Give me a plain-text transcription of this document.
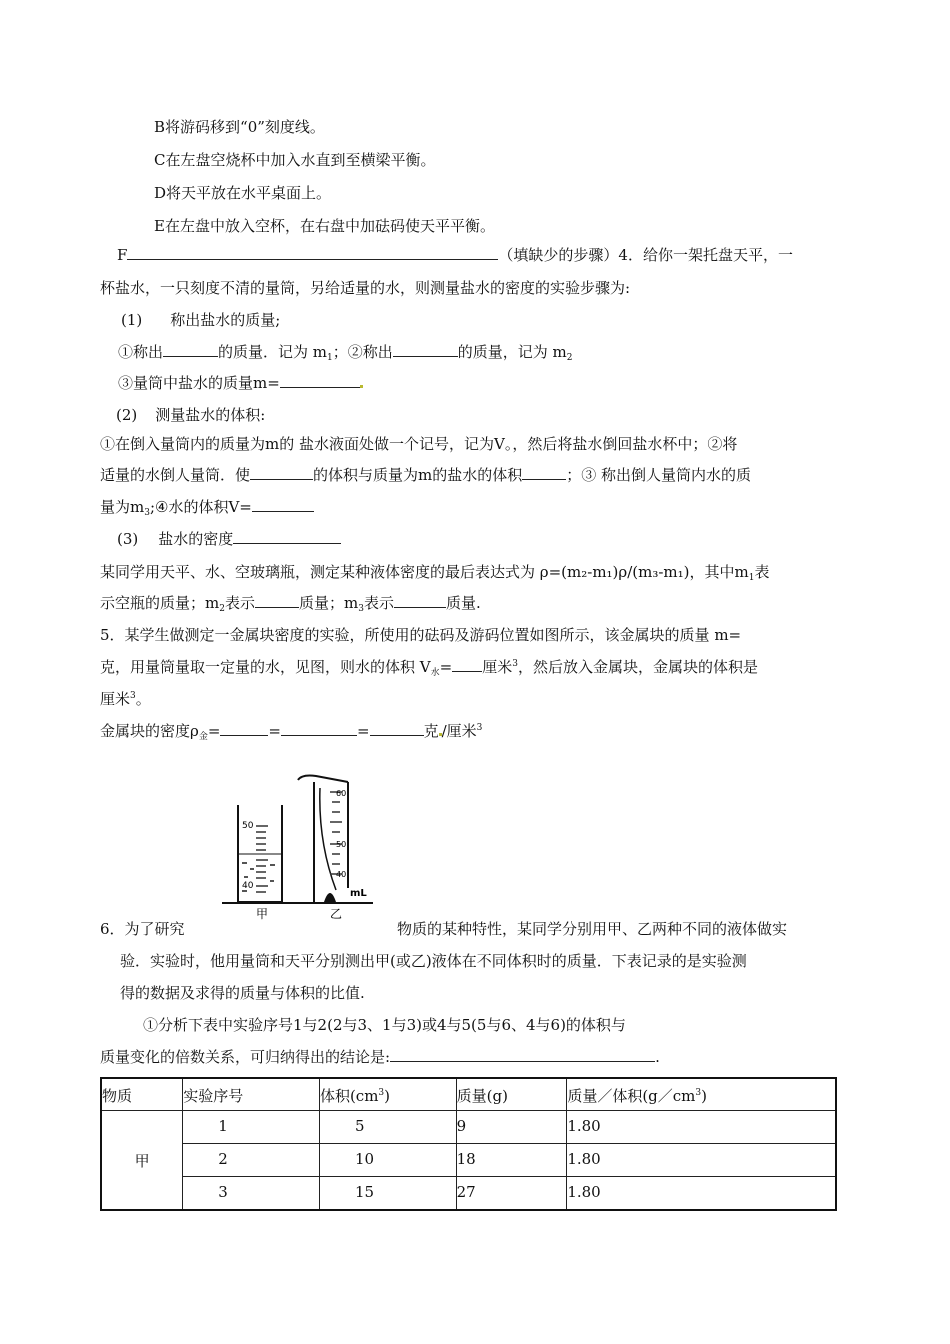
B将游码移到“0”刻度线。
C在左盘空烧杯中加入水直到至横梁平衡。
D将天平放在水平桌面上。
E在左盘中放入空杯，在右盘中加砝码使天平平衡。
F	（填缺少的步骤）4．给你一架托盘天平，一
杯盐水，一只刻度不清的量筒，另给适量的水，则测量盐水的密度的实验步骤为:
(1) 称出盐水的质量;
①称出	的质量．记为 $m_1$；②称出	的质量，记为 $m_2$
③量筒中盐水的质量m=
(2) 测量盐水的体积:
①在倒入量筒内的质量为m的 盐水液面处做一个记号，记为V。，然后将盐水倒回盐水杯中；②将
适量的水倒人量筒．使	的体积与质量为m的盐水的体积	；③ 称出倒人量筒内水的质
量为$m_3;④$水的体积V=
(3) 盐水的密度
某同学用天平、水、空玻璃瓶，测定某种液体密度的最后表达式为 ρ=(m₂-m₁)ρ/(m₃-m₁)，其中$m_1$表
示空瓶的质量；$m_2$表示	质量；$m_3$表示	质量.
5．某学生做测定一金属块密度的实验，所使用的砝码及游码位置如图所示，该金属块的质量 m=
克，用量筒量取一定量的水，见图，则水的体积 $V_水=$ 厘米$^3$，然后放入金属块，金属块的体积是
厘米$^3$。
金属块的密度$\rho_金=$	=	=	克 /厘米$^3$
50
40
60
50
40
mL
甲	乙
6．为了研究	物质的某种特性，某同学分别用甲、乙两种不同的液体做实
验．实验时，他用量筒和天平分别测出甲(或乙)液体在不同体积时的质量．下表记录的是实验测
得的数据及求得的质量与体积的比值.
①分析下表中实验序号1与2(2与3、1与3)或4与5(5与6、4与6)的体积与
质量变化的倍数关系，可归纳得出的结论是:	.
物质	实验序号	体积$(cm^3)$	质量(g)	质量／体积$(g/cm^3)$

甲	1	5	9	1.80

	2	10	18	1.80

	3	15	27	1.80
